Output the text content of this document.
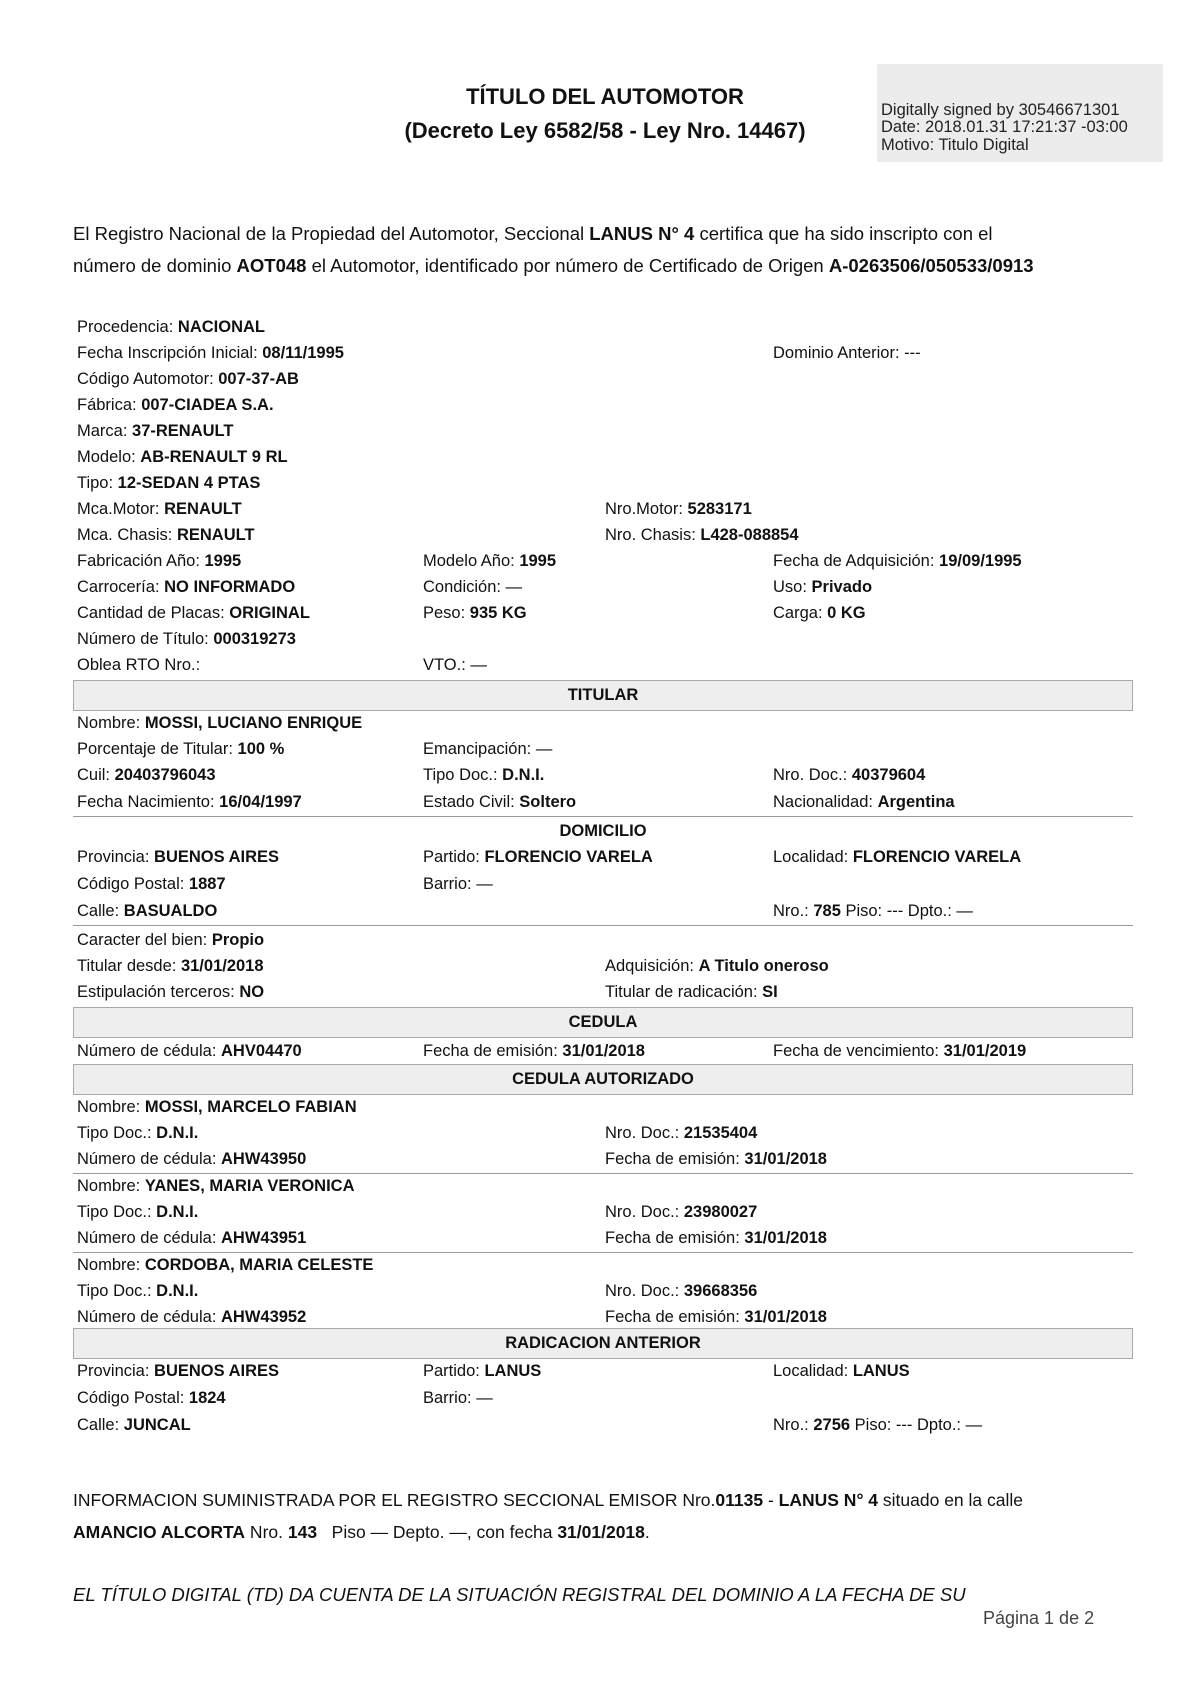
TÍTULO DEL AUTOMOTOR
(Decreto Ley 6582/58 - Ley Nro. 14467)
Digitally signed by 30546671301
Date: 2018.01.31 17:21:37 -03:00
Motivo: Titulo Digital
El Registro Nacional de la Propiedad del Automotor, Seccional LANUS N° 4 certifica que ha sido inscripto con el
número de dominio AOT048 el Automotor, identificado por número de Certificado de Origen A-0263506/050533/0913
Procedencia: NACIONAL
Fecha Inscripción Inicial: 08/11/1995	Dominio Anterior: ---
Código Automotor: 007-37-AB
Fábrica: 007-CIADEA S.A.
Marca: 37-RENAULT
Modelo: AB-RENAULT 9 RL
Tipo: 12-SEDAN 4 PTAS
Mca.Motor: RENAULT	Nro.Motor: 5283171
Mca. Chasis: RENAULT	Nro. Chasis: L428-088854
Fabricación Año: 1995	Modelo Año: 1995	Fecha de Adquisición: 19/09/1995
Carrocería: NO INFORMADO	Condición: —	Uso: Privado
Cantidad de Placas: ORIGINAL	Peso: 935 KG	Carga: 0 KG
Número de Título: 000319273
Oblea RTO Nro.:	VTO.: —
TITULAR
Nombre: MOSSI, LUCIANO ENRIQUE
Porcentaje de Titular: 100 %	Emancipación: —
Cuil: 20403796043	Tipo Doc.: D.N.I.	Nro. Doc.: 40379604
Fecha Nacimiento: 16/04/1997	Estado Civil: Soltero	Nacionalidad: Argentina
DOMICILIO
Provincia: BUENOS AIRES	Partido: FLORENCIO VARELA	Localidad: FLORENCIO VARELA
Código Postal: 1887	Barrio: —
Calle: BASUALDO	Nro.: 785 Piso: --- Dpto.: —
Caracter del bien: Propio
Titular desde: 31/01/2018	Adquisición: A Titulo oneroso
Estipulación terceros: NO	Titular de radicación: SI
CEDULA
Número de cédula: AHV04470	Fecha de emisión: 31/01/2018	Fecha de vencimiento: 31/01/2019
CEDULA AUTORIZADO
Nombre: MOSSI, MARCELO FABIAN
Tipo Doc.: D.N.I.	Nro. Doc.: 21535404
Número de cédula: AHW43950	Fecha de emisión: 31/01/2018
Nombre: YANES, MARIA VERONICA
Tipo Doc.: D.N.I.	Nro. Doc.: 23980027
Número de cédula: AHW43951	Fecha de emisión: 31/01/2018
Nombre: CORDOBA, MARIA CELESTE
Tipo Doc.: D.N.I.	Nro. Doc.: 39668356
Número de cédula: AHW43952	Fecha de emisión: 31/01/2018
RADICACION ANTERIOR
Provincia: BUENOS AIRES	Partido: LANUS	Localidad: LANUS
Código Postal: 1824	Barrio: —
Calle: JUNCAL	Nro.: 2756 Piso: --- Dpto.: —
INFORMACION SUMINISTRADA POR EL REGISTRO SECCIONAL EMISOR Nro.01135 - LANUS N° 4 situado en la calle
AMANCIO ALCORTA Nro. 143   Piso — Depto. —, con fecha 31/01/2018.
EL TÍTULO DIGITAL (TD) DA CUENTA DE LA SITUACIÓN REGISTRAL DEL DOMINIO A LA FECHA DE SU
Página 1 de 2
